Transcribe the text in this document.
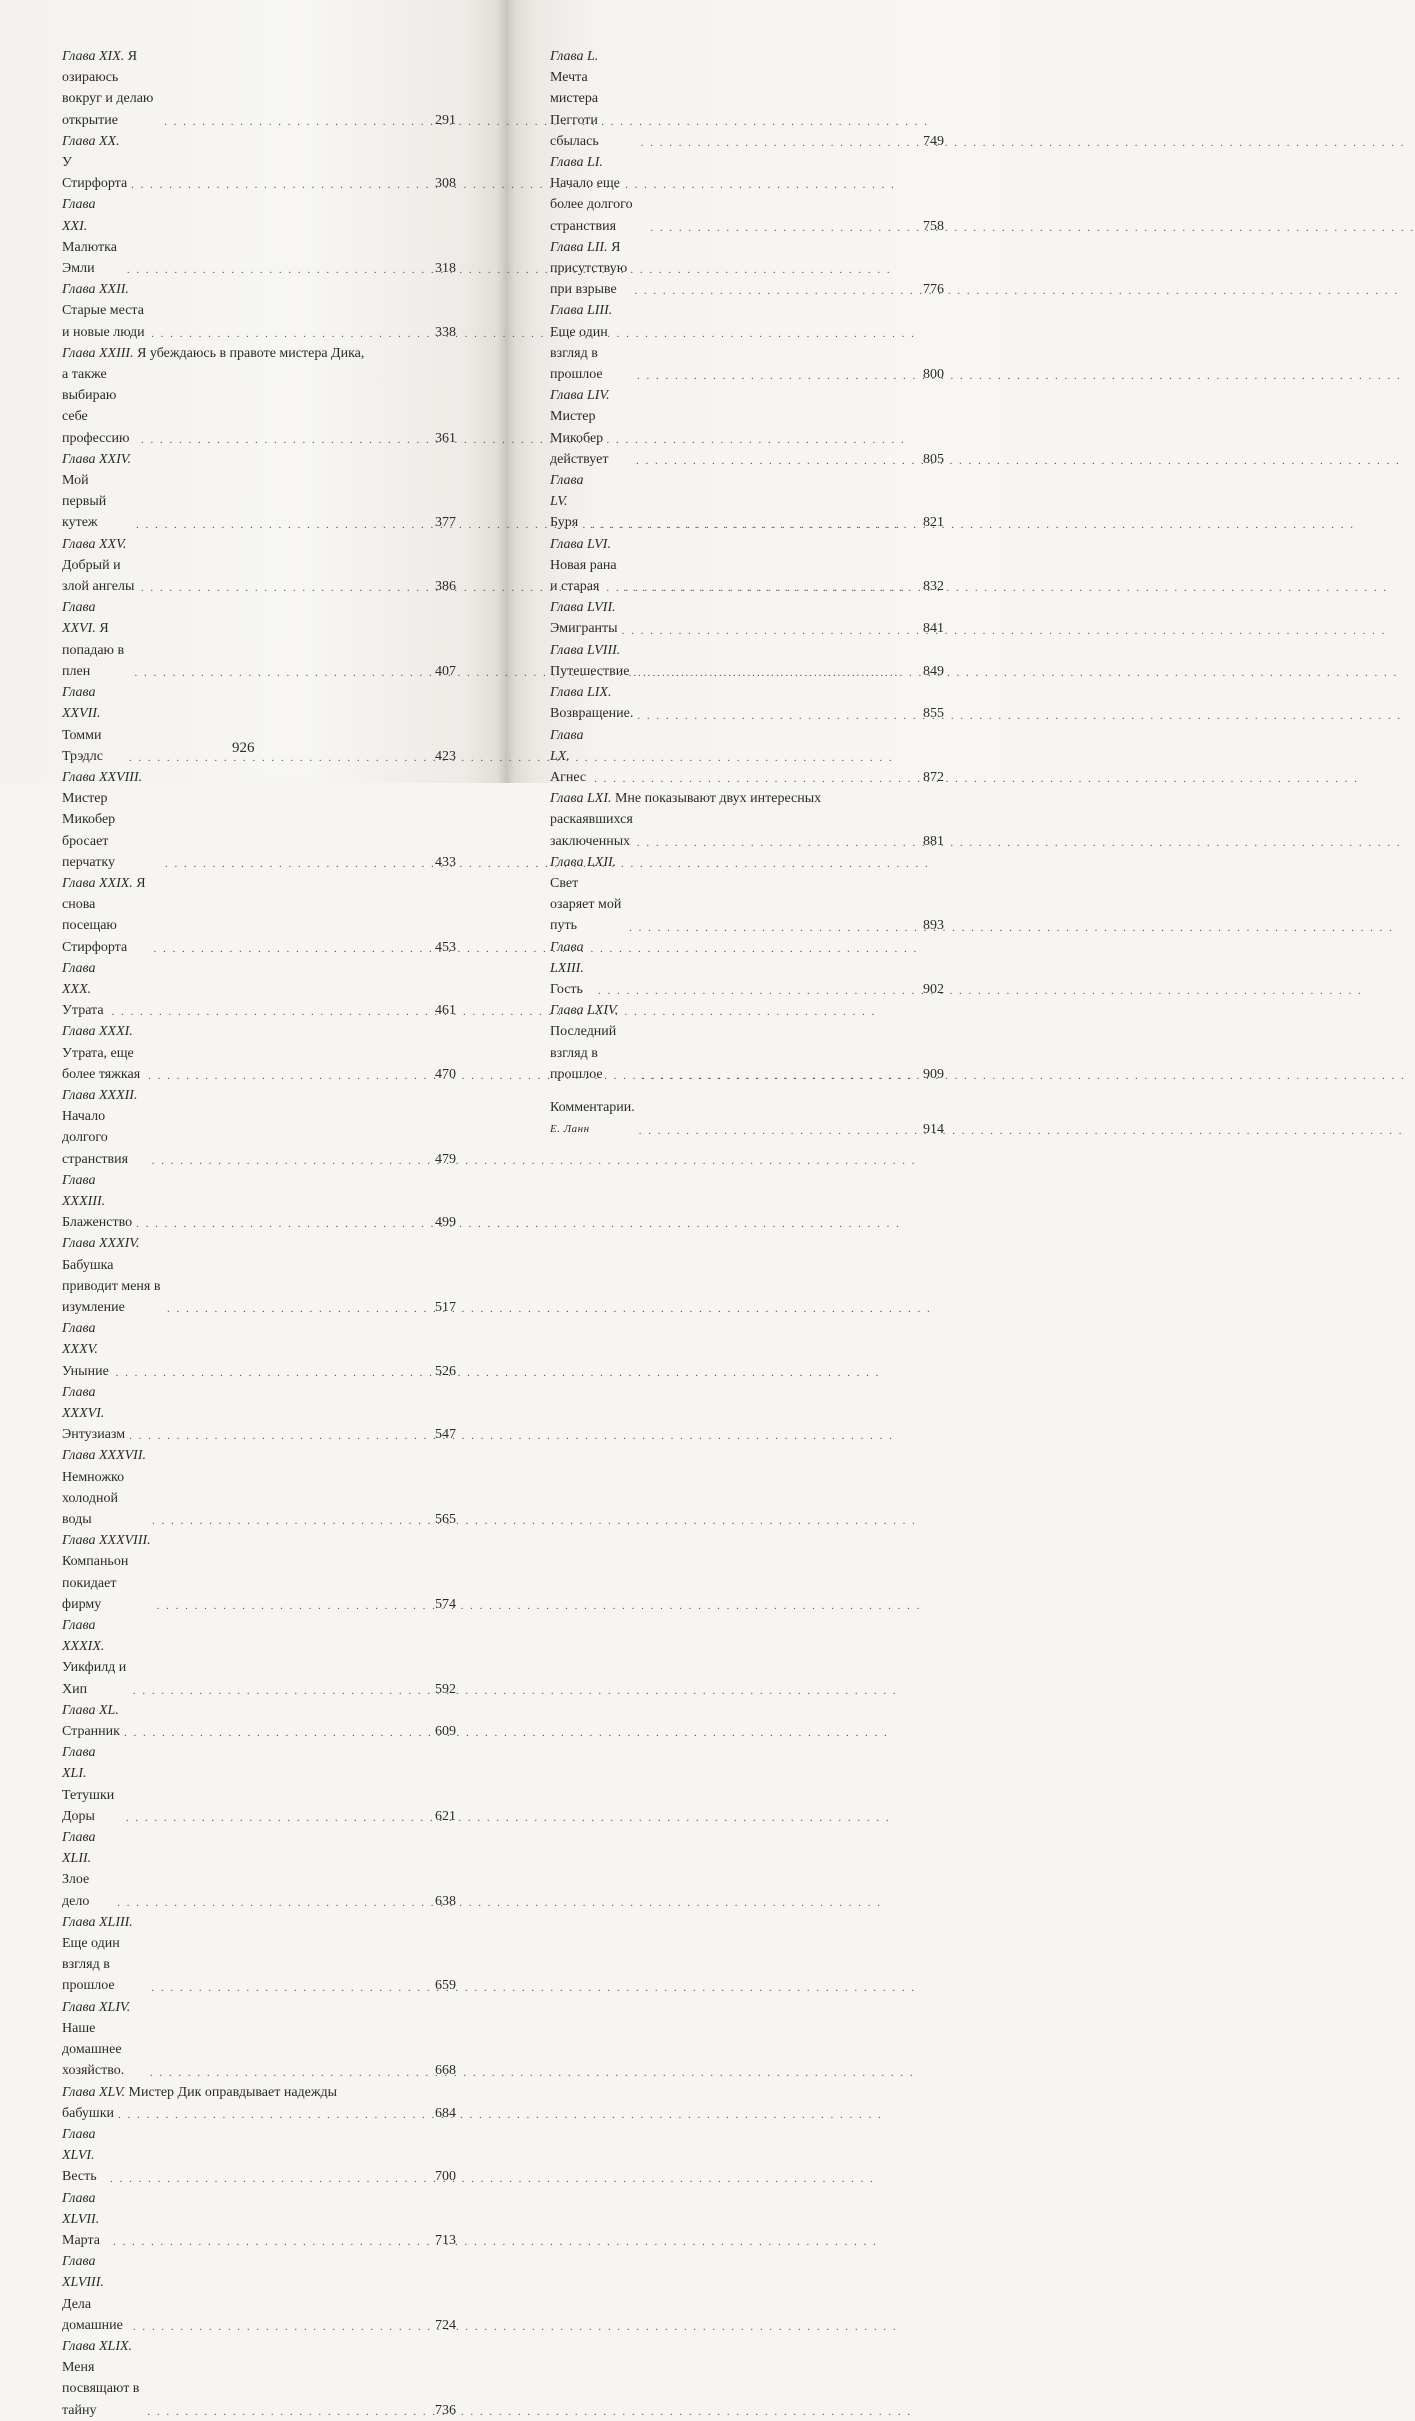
Глава XIX. Я озираюсь вокруг и делаю открытие . . .	291
Глава XX. У Стирфорта . . .	308
Глава XXI. Малютка Эмли . . .	318
Глава XXII. Старые места и новые люди . . .	338
Глава XXIII. Я убеждаюсь в правоте мистера Дика,
а также выбираю себе профессию . . .	361
Глава XXIV. Мой первый кутеж . . .	377
Глава XXV. Добрый и злой ангелы . . .	386
Глава XXVI. Я попадаю в плен . . .	407
Глава XXVII. Томми Трэдлс . . .	423
Глава XXVIII. Мистер Микобер бросает перчатку . . .	433
Глава XXIX. Я снова посещаю Стирфорта . . .	453
Глава XXX. Утрата . . .	461
Глава XXXI. Утрата, еще более тяжкая . . .	470
Глава XXXII. Начало долгого странствия . . .	479
Глава XXXIII. Блаженство . . .	499
Глава XXXIV. Бабушка приводит меня в изумление . . .	517
Глава XXXV. Уныние . . .	526
Глава XXXVI. Энтузиазм . . .	547
Глава XXXVII. Немножко холодной воды . . .	565
Глава XXXVIII. Компаньон покидает фирму . . .	574
Глава XXXIX. Уикфилд и Хип . . .	592
Глава XL. Странник . . .	609
Глава XLI. Тетушки Доры . . .	621
Глава XLII. Злое дело . . .	638
Глава XLIII. Еще один взгляд в прошлое . . .	659
Глава XLIV. Наше домашнее хозяйство. . . .	668
Глава XLV. Мистер Дик оправдывает надежды
бабушки . . .	684
Глава XLVI. Весть . . .	700
Глава XLVII. Марта . . .	713
Глава XLVIII. Дела домашние . . .	724
Глава XLIX. Меня посвящают в тайну . . .	736
Глава L. Мечта мистера Пегготи сбылась . . .	749
Глава LI. Начало еще более долгого странствия . . .	758
Глава LII. Я присутствую при взрыве . . .	776
Глава LIII. Еще один взгляд в прошлое . . .	800
Глава LIV. Мистер Микобер действует . . .	805
Глава LV. Буря . . .	821
Глава LVI. Новая рана и старая . . .	832
Глава LVII. Эмигранты . . .	841
Глава LVIII. Путешествие . . .	849
Глава LIX. Возвращение. . . .	855
Глава LX. Агнес . . .	872
Глава LXI. Мне показывают двух интересных
раскаявшихся заключенных . . .	881
Глава LXII. Свет озаряет мой путь . . .	893
Глава LXIII. Гость . . .	902
Глава LXIV. Последний взгляд в прошлое . . .	909
Комментарии. Е. Ланн . . .	914
926
